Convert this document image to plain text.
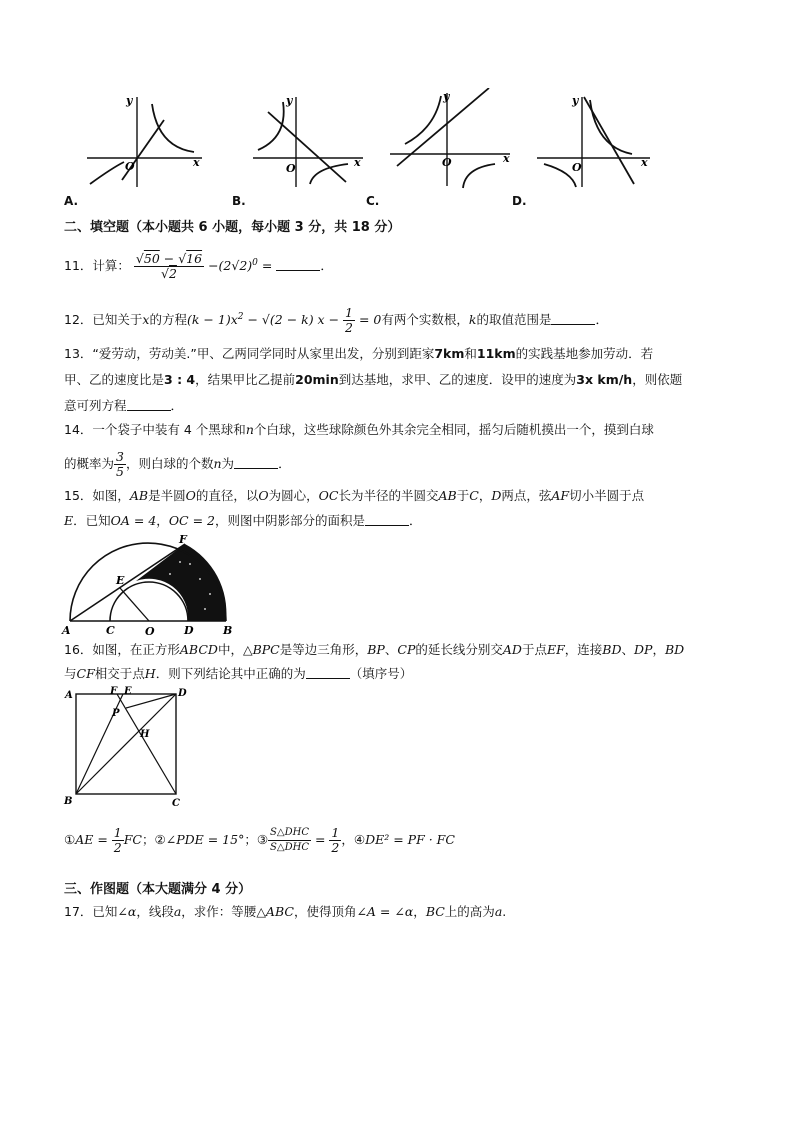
y
x
O
y
x
O
y
x
O
y
x
O
A.	B.	C.	D.
二、填空题（本小题共 6 小题，每小题 3 分，共 18 分）
11．计算： $\frac{√50 - √16}{√2} -(2√2)^0$ =	．
12．已知关于x的方程$(k - 1)x^2 - √(2 - k)$ $x - \frac{1}{2} = 0$有两个实数根，k的取值范围是	．
13．“爱劳动，劳动美.”甲、乙两同学同时从家里出发，分别到距家7km和11km的实践基地参加劳动．若
甲、乙的速度比是3 : 4，结果甲比乙提前20min到达基地，求甲、乙的速度．设甲的速度为3x km/h，则依题
意可列方程	．
14．一个袋子中装有 4 个黑球和n个白球，这些球除颜色外其余完全相同，摇匀后随机摸出一个，摸到白球
的概率为 $\frac{3}{5}$ ，则白球的个数n为	．
15．如图，AB是半圆O的直径，以O为圆心，OC长为半径的半圆交AB于C，D两点，弦AF切小半圆于点
E．已知OA = 4，OC = 2，则图中阴影部分的面积是	．
A	C	O	D	B
E
F
16．如图，在正方形ABCD中，△BPC是等边三角形，BP、CP的延长线分别交AD于点EF，连接BD、DP，BD
与CF相交于点H．则下列结论其中正确的为	（填序号）
A	F E	D
P
H
B	C
①AE = $\frac{1}{2}$ FC；②∠PDE = 15°；③ $\frac{\text{S△DHC}}{\text{S△DHC}} = \frac{1}{2}$ ，④DE² = PF · FC
三、作图题（本大题满分 4 分）
17．已知∠α，线段a，求作：等腰△ABC，使得顶角∠A = ∠α，BC上的高为a.
